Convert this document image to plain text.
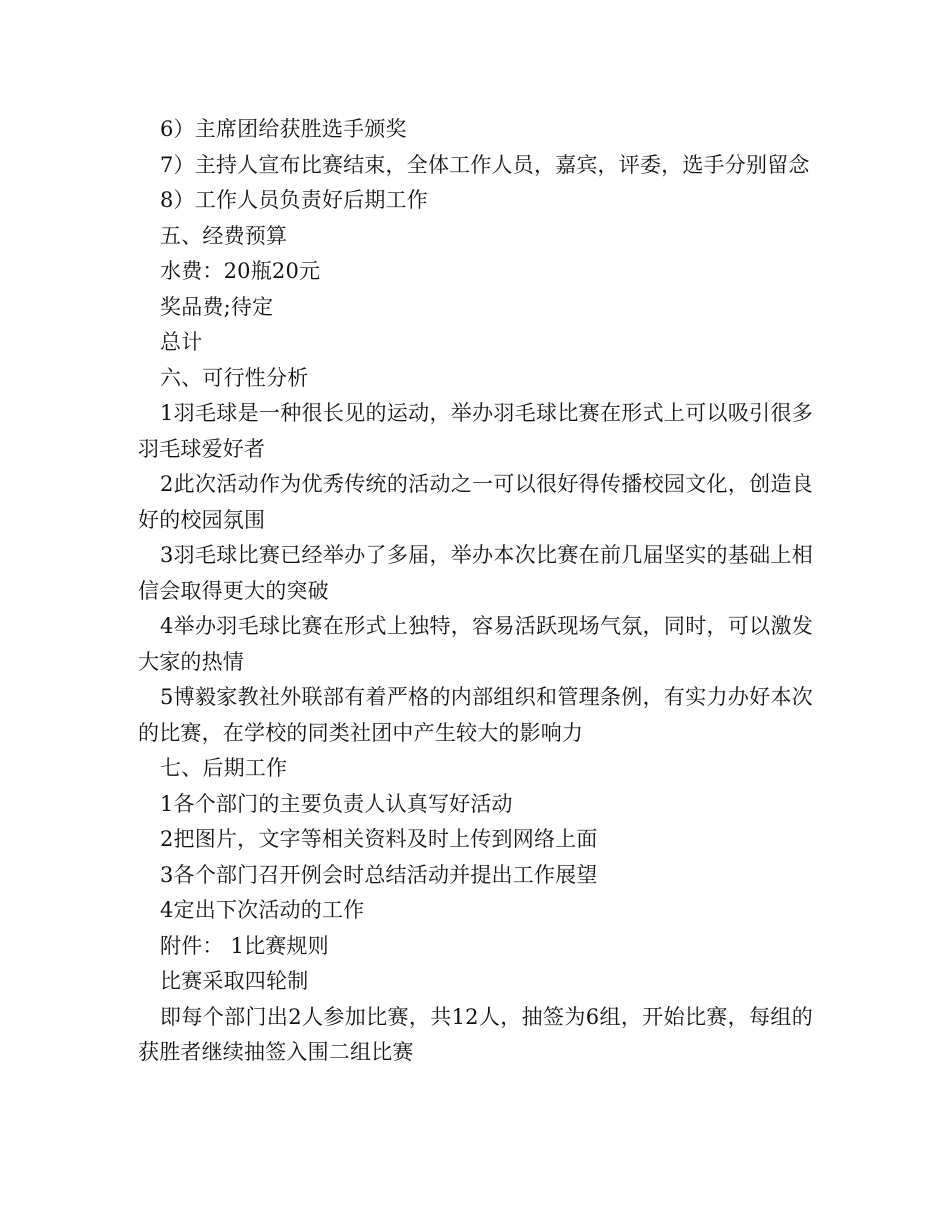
6）主席团给获胜选手颁奖

7）主持人宣布比赛结束，全体工作人员，嘉宾，评委，选手分别留念

8）工作人员负责好后期工作

五、经费预算

水费：20瓶20元

奖品费;待定

总计

六、可行性分析

1羽毛球是一种很长见的运动，举办羽毛球比赛在形式上可以吸引很多羽毛球爱好者

2此次活动作为优秀传统的活动之一可以很好得传播校园文化，创造良好的校园氛围

3羽毛球比赛已经举办了多届，举办本次比赛在前几届坚实的基础上相信会取得更大的突破

4举办羽毛球比赛在形式上独特，容易活跃现场气氛，同时，可以激发大家的热情

5博毅家教社外联部有着严格的内部组织和管理条例，有实力办好本次的比赛，在学校的同类社团中产生较大的影响力

七、后期工作

1各个部门的主要负责人认真写好活动

2把图片，文字等相关资料及时上传到网络上面

3各个部门召开例会时总结活动并提出工作展望

4定出下次活动的工作

附件： 1比赛规则

比赛采取四轮制

即每个部门出2人参加比赛，共12人，抽签为6组，开始比赛，每组的获胜者继续抽签入围二组比赛
